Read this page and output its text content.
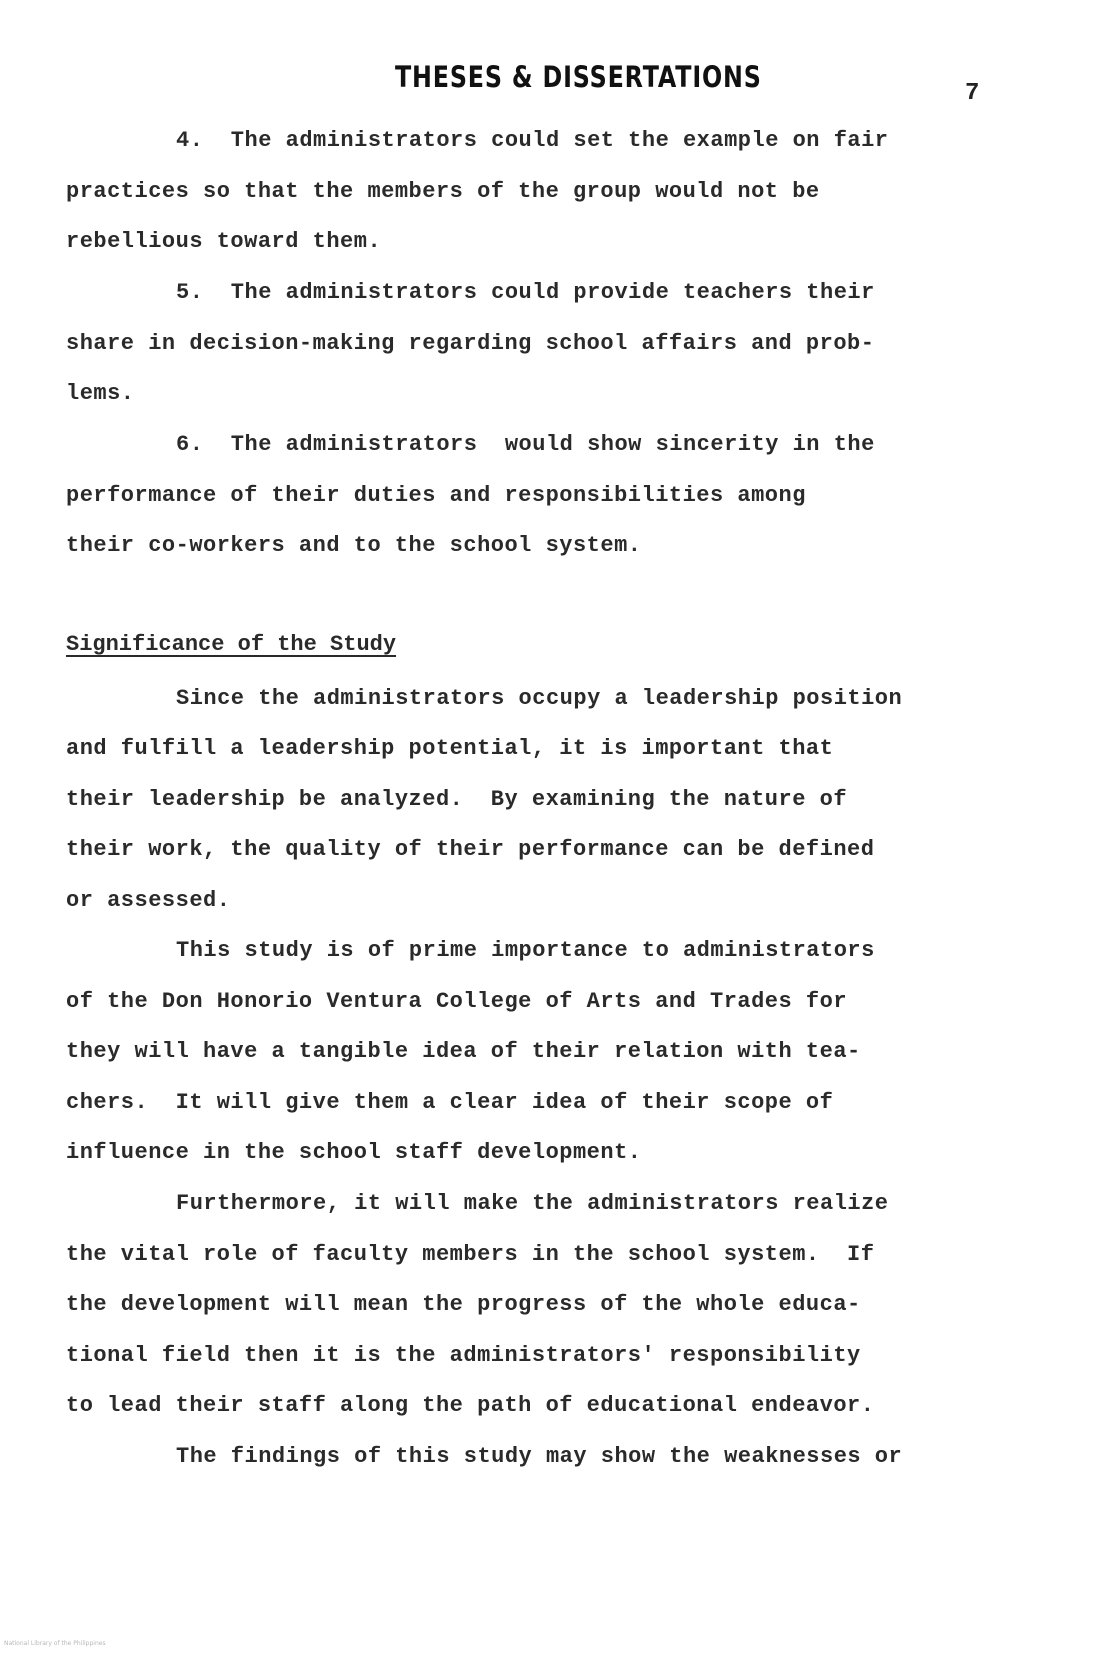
THESES & DISSERTATIONS	7
4.  The administrators could set the example on fair
practices so that the members of the group would not be
rebellious toward them.
5.  The administrators could provide teachers their
share in decision-making regarding school affairs and prob-
lems.
6.  The administrators  would show sincerity in the
performance of their duties and responsibilities among
their co-workers and to the school system.
Significance of the Study
Since the administrators occupy a leadership position
and fulfill a leadership potential, it is important that
their leadership be analyzed.  By examining the nature of
their work, the quality of their performance can be defined
or assessed.
This study is of prime importance to administrators
of the Don Honorio Ventura College of Arts and Trades for
they will have a tangible idea of their relation with tea-
chers.  It will give them a clear idea of their scope of
influence in the school staff development.
Furthermore, it will make the administrators realize
the vital role of faculty members in the school system.  If
the development will mean the progress of the whole educa-
tional field then it is the administrators' responsibility
to lead their staff along the path of educational endeavor.
The findings of this study may show the weaknesses or
National Library of the Philippines
